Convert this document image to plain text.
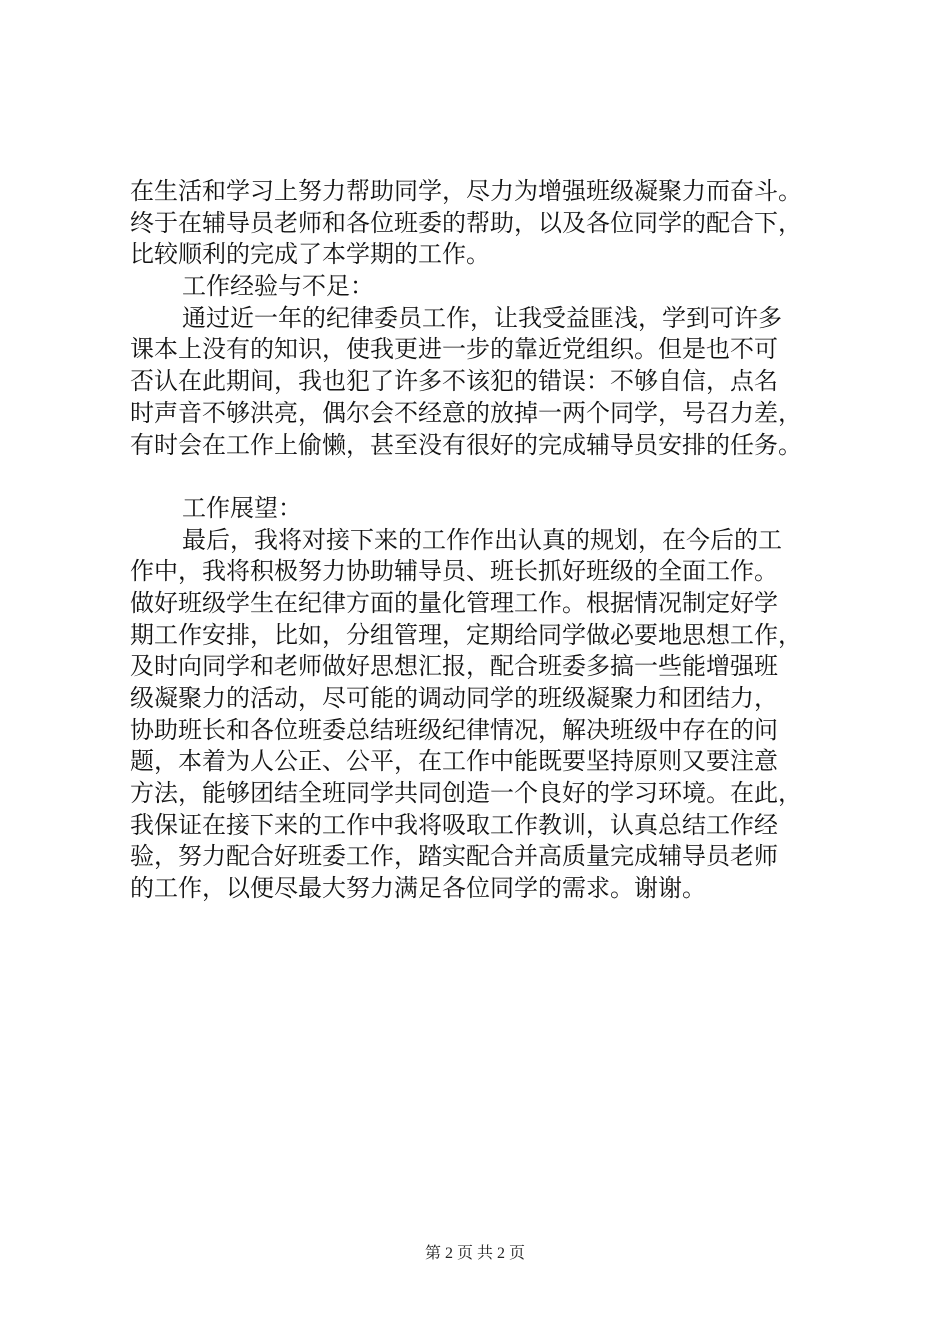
在生活和学习上努力帮助同学，尽力为增强班级凝聚力而奋斗。
终于在辅导员老师和各位班委的帮助，以及各位同学的配合下，
比较顺利的完成了本学期的工作。
工作经验与不足：
通过近一年的纪律委员工作，让我受益匪浅，学到可许多
课本上没有的知识，使我更进一步的靠近党组织。但是也不可
否认在此期间，我也犯了许多不该犯的错误：不够自信，点名
时声音不够洪亮，偶尔会不经意的放掉一两个同学，号召力差，
有时会在工作上偷懒，甚至没有很好的完成辅导员安排的任务。
工作展望：
最后，我将对接下来的工作作出认真的规划，在今后的工
作中，我将积极努力协助辅导员、班长抓好班级的全面工作。
做好班级学生在纪律方面的量化管理工作。根据情况制定好学
期工作安排，比如，分组管理，定期给同学做必要地思想工作，
及时向同学和老师做好思想汇报，配合班委多搞一些能增强班
级凝聚力的活动，尽可能的调动同学的班级凝聚力和团结力，
协助班长和各位班委总结班级纪律情况，解决班级中存在的问
题，本着为人公正、公平，在工作中能既要坚持原则又要注意
方法，能够团结全班同学共同创造一个良好的学习环境。在此，
我保证在接下来的工作中我将吸取工作教训，认真总结工作经
验，努力配合好班委工作，踏实配合并高质量完成辅导员老师
的工作，以便尽最大努力满足各位同学的需求。谢谢。
第 2 页 共 2 页
